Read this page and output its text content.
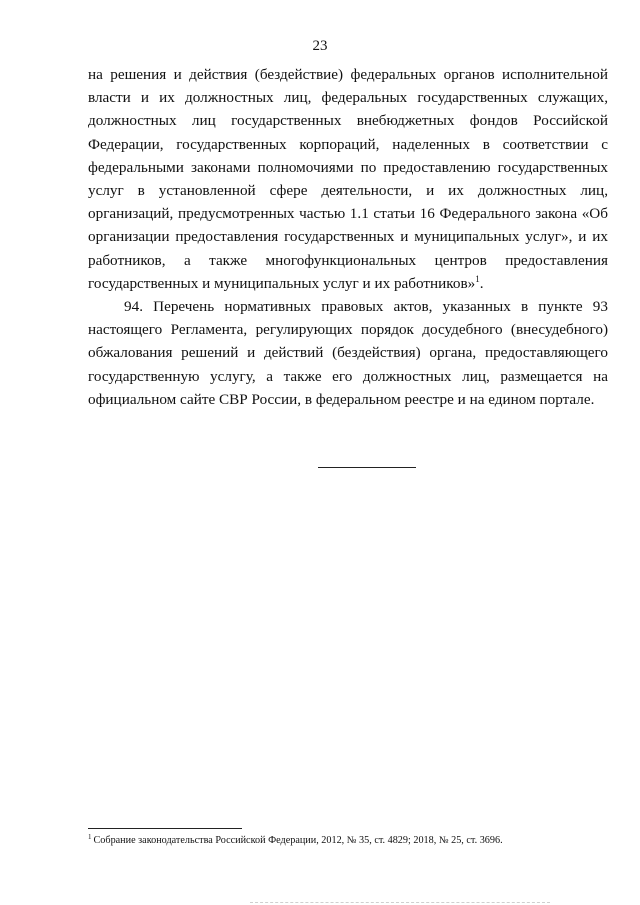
23

на решения и действия (бездействие) федеральных органов исполнительной власти и их должностных лиц, федеральных государственных служащих, должностных лиц государственных внебюджетных фондов Российской Федерации, государственных корпораций, наделенных в соответствии с федеральными законами полномочиями по предоставлению государственных услуг в установленной сфере деятельности, и их должностных лиц, организаций, предусмотренных частью 1.1 статьи 16 Федерального закона «Об организации предоставления государственных и муниципальных услуг», и их работников, а также многофункциональных центров предоставления государственных и муниципальных услуг и их работников»$^1$.

94. Перечень нормативных правовых актов, указанных в пункте 93 настоящего Регламента, регулирующих порядок досудебного (внесудебного) обжалования решений и действий (бездействия) органа, предоставляющего государственную услугу, а также его должностных лиц, размещается на официальном сайте СВР России, в федеральном реестре и на едином портале.

$^1$ Собрание законодательства Российской Федерации, 2012, № 35, ст. 4829; 2018, № 25, ст. 3696.
